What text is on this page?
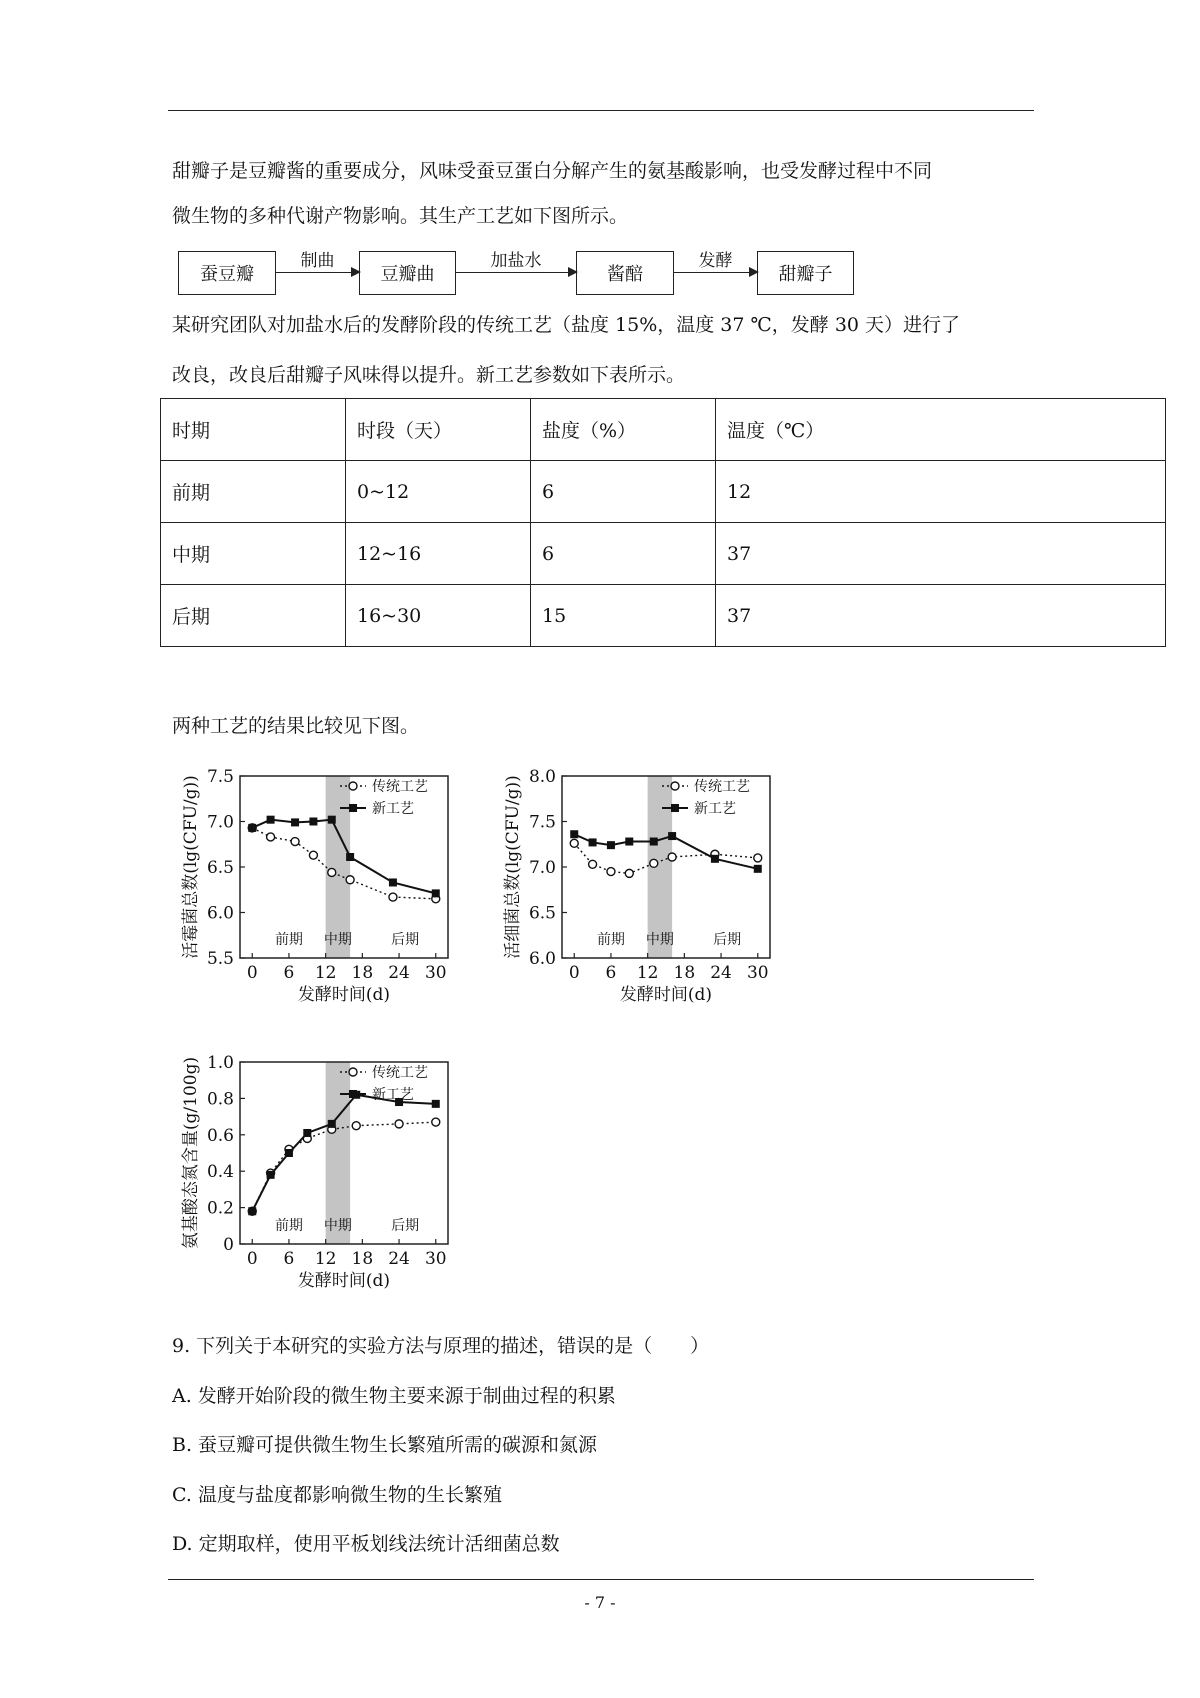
甜瓣子是豆瓣酱的重要成分，风味受蚕豆蛋白分解产生的氨基酸影响，也受发酵过程中不同
微生物的多种代谢产物影响。其生产工艺如下图所示。
蚕豆瓣
制曲
豆瓣曲
加盐水
酱醅
发酵
甜瓣子
某研究团队对加盐水后的发酵阶段的传统工艺（盐度 15%，温度 37 ℃，发酵 30 天）进行了
改良，改良后甜瓣子风味得以提升。新工艺参数如下表所示。
时期	时段（天）	盐度（%）	温度（℃）
前期	0~12	6	12
中期	12~16	6	37
后期	16~30	15	37
两种工艺的结果比较见下图。
5.5
6.0
6.5
7.0
7.5
0 6 12 18 24 30
发酵时间(d)
活霉菌总数(lg(CFU/g))	前期 中期	后期
传统工艺
新工艺
6.0
6.5
7.0
7.5
8.0
0 6 12 18 24 30
发酵时间(d)
活细菌总数(lg(CFU/g))	前期 中期	后期
传统工艺
新工艺
0
0.2
0.4
0.6
0.8
1.0
0 6 12 18 24 30
发酵时间(d)
氨基酸态氮含量(g/100g)	前期 中期	后期
传统工艺
新工艺
9. 下列关于本研究的实验方法与原理的描述，错误的是（　　）
A. 发酵开始阶段的微生物主要来源于制曲过程的积累
B. 蚕豆瓣可提供微生物生长繁殖所需的碳源和氮源
C. 温度与盐度都影响微生物的生长繁殖
D. 定期取样，使用平板划线法统计活细菌总数
- 7 -
